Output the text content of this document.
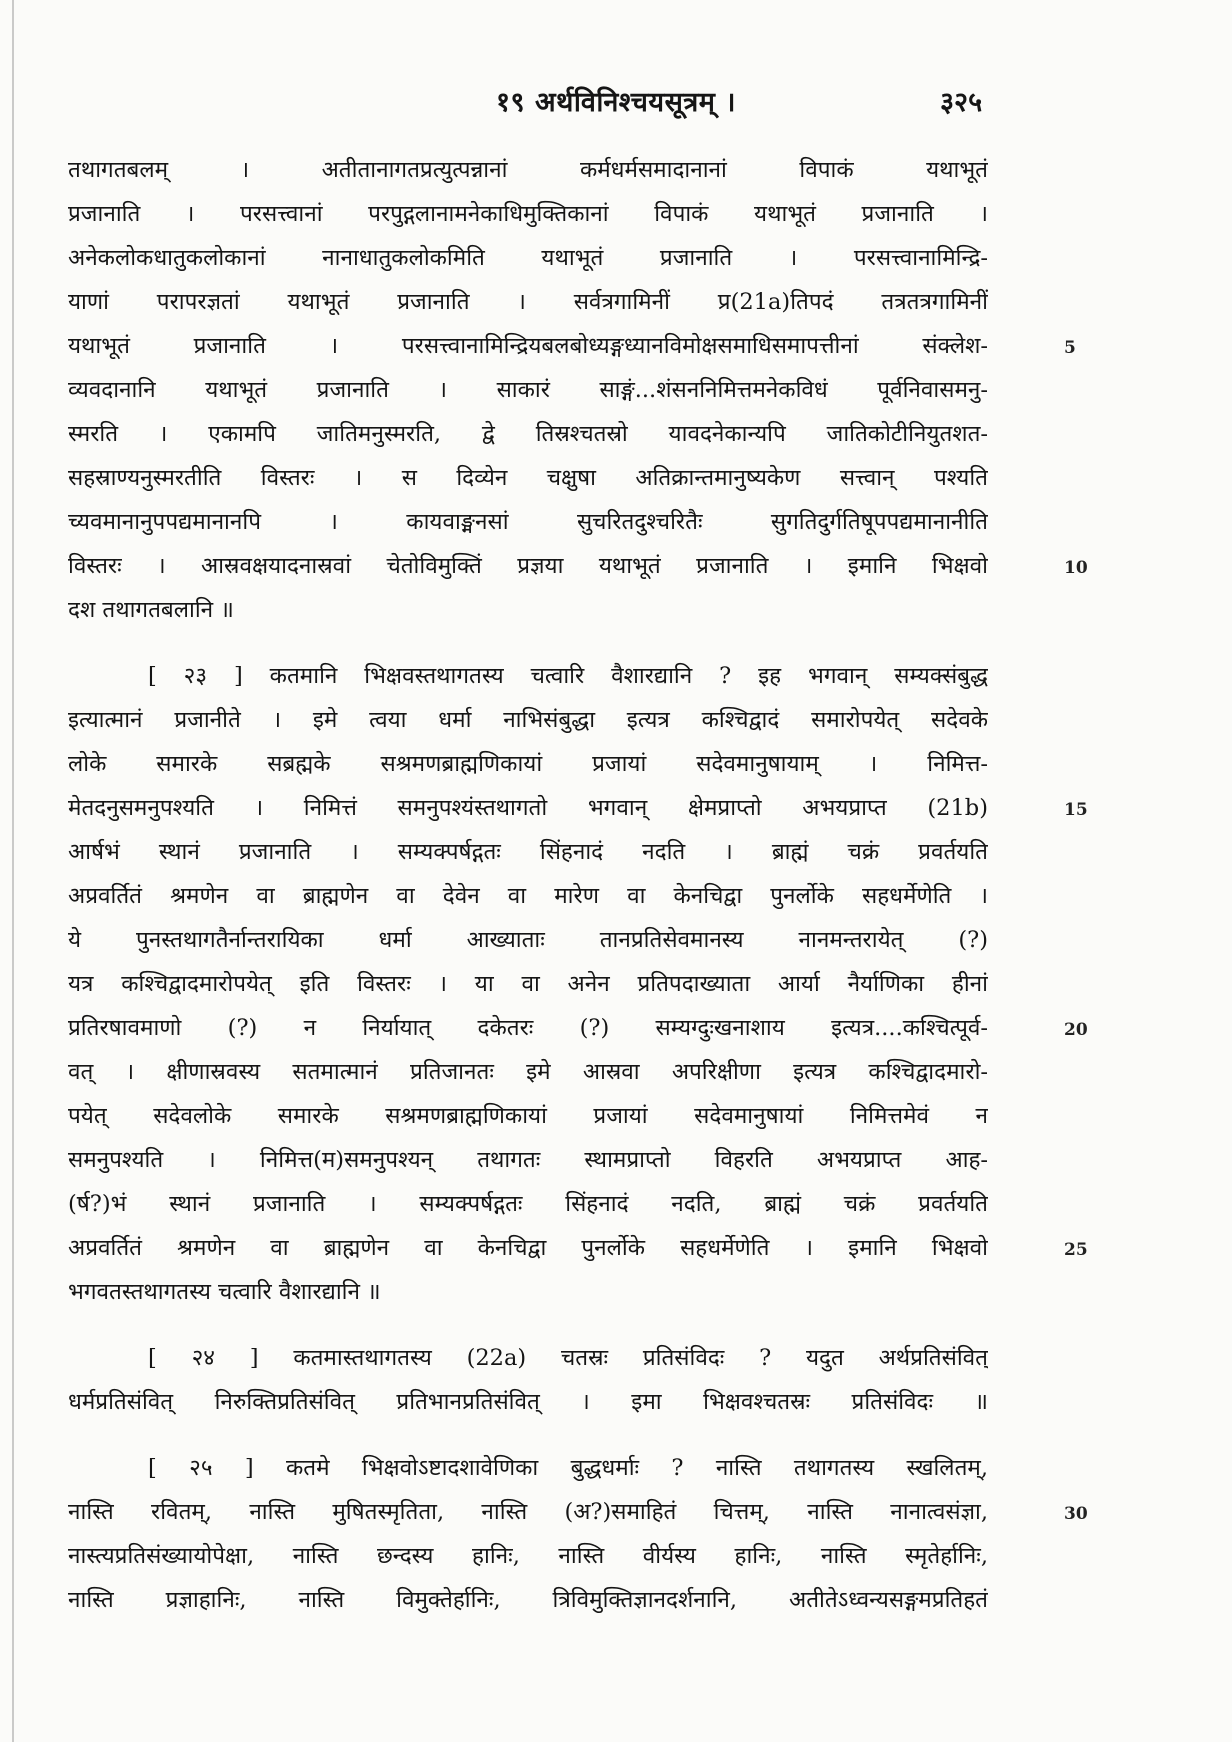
१९ अर्थविनिश्चयसूत्रम् ।	३२५
तथागतबलम् । अतीतानागतप्रत्युत्पन्नानां कर्मधर्मसमादानानां विपाकं यथाभूतं
प्रजानाति । परसत्त्वानां परपुद्गलानामनेकाधिमुक्तिकानां विपाकं यथाभूतं प्रजानाति ।
अनेकलोकधातुकलोकानां नानाधातुकलोकमिति यथाभूतं प्रजानाति । परसत्त्वानामिन्द्रि-
याणां परापरज्ञतां यथाभूतं प्रजानाति । सर्वत्रगामिनीं प्र(21a)तिपदं तत्रतत्रगामिनीं
यथाभूतं प्रजानाति । परसत्त्वानामिन्द्रियबलबोध्यङ्गध्यानविमोक्षसमाधिसमापत्तीनां संक्लेश-	5
व्यवदानानि यथाभूतं प्रजानाति । साकारं साङ्गं...शंसननिमित्तमनेकविधं पूर्वनिवासमनु-
स्मरति । एकामपि जातिमनुस्मरति, द्वे तिस्रश्चतस्रो यावदनेकान्यपि जातिकोटीनियुतशत-
सहस्राण्यनुस्मरतीति विस्तरः । स दिव्येन चक्षुषा अतिक्रान्तमानुष्यकेण सत्त्वान् पश्यति
च्यवमानानुपपद्यमानानपि । कायवाङ्मनसां सुचरितदुश्चरितैः सुगतिदुर्गतिषूपपद्यमानानीति
विस्तरः । आस्रवक्षयादनास्रवां चेतोविमुक्तिं प्रज्ञया यथाभूतं प्रजानाति । इमानि भिक्षवो	10
दश तथागतबलानि ॥
[ २३ ] कतमानि भिक्षवस्तथागतस्य चत्वारि वैशारद्यानि ? इह भगवान् सम्यक्संबुद्ध
इत्यात्मानं प्रजानीते । इमे त्वया धर्मा नाभिसंबुद्धा इत्यत्र कश्चिद्वादं समारोपयेत् सदेवके
लोके समारके सब्रह्मके सश्रमणब्राह्मणिकायां प्रजायां सदेवमानुषायाम् । निमित्त-
मेतदनुसमनुपश्यति । निमित्तं समनुपश्यंस्तथागतो भगवान् क्षेमप्राप्तो अभयप्राप्त (21b)	15
आर्षभं स्थानं प्रजानाति । सम्यक्पर्षद्गतः सिंहनादं नदति । ब्राह्मं चक्रं प्रवर्तयति
अप्रवर्तितं श्रमणेन वा ब्राह्मणेन वा देवेन वा मारेण वा केनचिद्वा पुनर्लोके सहधर्मेणेति ।
ये पुनस्तथागतैर्नान्तरायिका धर्मा आख्याताः तानप्रतिसेवमानस्य नानमन्तरायेत् (?)
यत्र कश्चिद्वादमारोपयेत् इति विस्तरः । या वा अनेन प्रतिपदाख्याता आर्या नैर्याणिका हीनां
प्रतिरषावमाणो (?) न निर्यायात् दकेतरः (?) सम्यग्दुःखनाशाय इत्यत्र....कश्चित्पूर्व-	20
वत् । क्षीणास्रवस्य सतमात्मानं प्रतिजानतः इमे आस्रवा अपरिक्षीणा इत्यत्र कश्चिद्वादमारो-
पयेत् सदेवलोके समारके सश्रमणब्राह्मणिकायां प्रजायां सदेवमानुषायां निमित्तमेवं न
समनुपश्यति । निमित्त(म)समनुपश्यन् तथागतः स्थामप्राप्तो विहरति अभयप्राप्त आह-
(र्ष?)भं स्थानं प्रजानाति । सम्यक्पर्षद्गतः सिंहनादं नदति, ब्राह्मं चक्रं प्रवर्तयति
अप्रवर्तितं श्रमणेन वा ब्राह्मणेन वा केनचिद्वा पुनर्लोके सहधर्मेणेति । इमानि भिक्षवो	25
भगवतस्तथागतस्य चत्वारि वैशारद्यानि ॥
[ २४ ] कतमास्तथागतस्य (22a) चतस्रः प्रतिसंविदः ? यदुत अर्थप्रतिसंवित्
धर्मप्रतिसंवित् निरुक्तिप्रतिसंवित् प्रतिभानप्रतिसंवित् । इमा भिक्षवश्चतस्रः प्रतिसंविदः ॥
[ २५ ] कतमे भिक्षवोऽष्टादशावेणिका बुद्धधर्माः ? नास्ति तथागतस्य स्खलितम्,
नास्ति रवितम्, नास्ति मुषितस्मृतिता, नास्ति (अ?)समाहितं चित्तम्, नास्ति नानात्वसंज्ञा,	30
नास्त्यप्रतिसंख्यायोपेक्षा, नास्ति छन्दस्य हानिः, नास्ति वीर्यस्य हानिः, नास्ति स्मृतेर्हानिः,
नास्ति प्रज्ञाहानिः, नास्ति विमुक्तेर्हानिः, त्रिविमुक्तिज्ञानदर्शनानि, अतीतेऽध्वन्यसङ्गमप्रतिहतं
